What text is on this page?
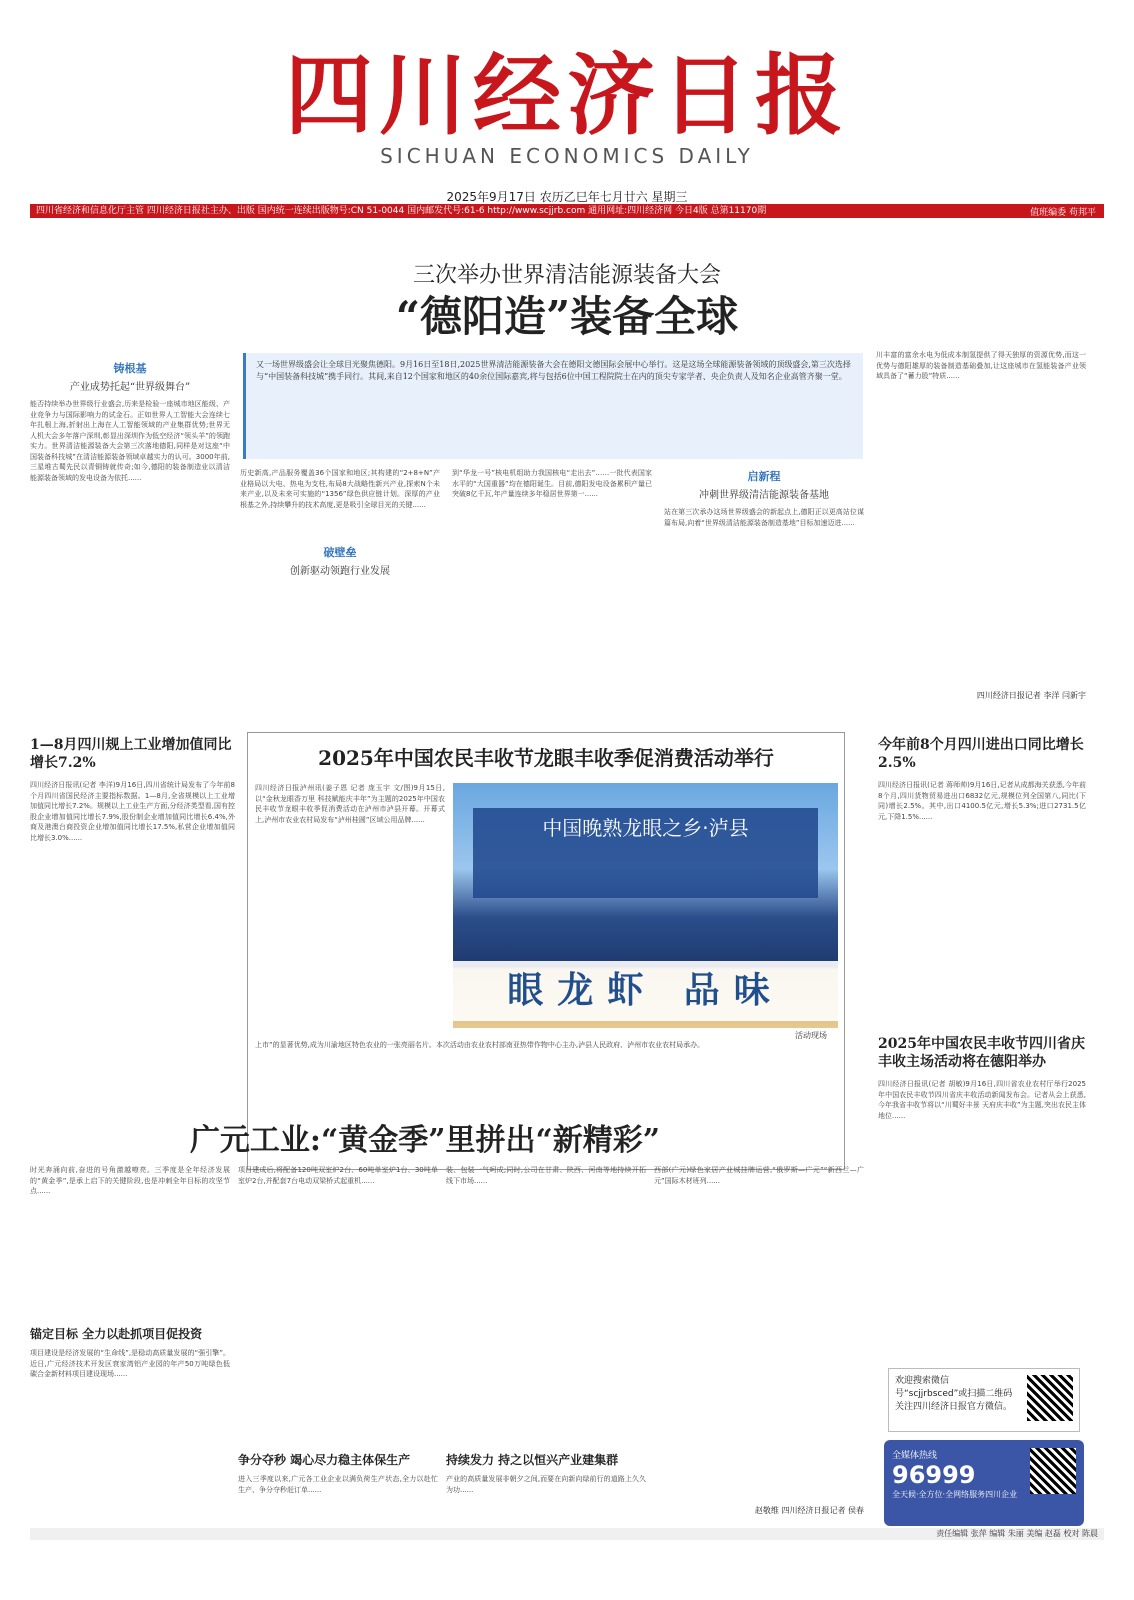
四川经济日报
SICHUAN ECONOMICS DAILY
2025年9月17日 农历乙巳年七月廿六 星期三
四川省经济和信息化厅主管 四川经济日报社主办、出版 国内统一连续出版物号:CN 51-0044 国内邮发代号:61-6 http://www.scjjrb.com 通用网址:四川经济网 今日4版 总第11170期	值班编委 苟邦平
三次举办世界清洁能源装备大会
“德阳造”装备全球
又一场世界级盛会让全球目光聚焦德阳。9月16日至18日,2025世界清洁能源装备大会在德阳文德国际会展中心举行。这是这场全球能源装备领域的顶级盛会,第三次选择与“中国装备科技城”携手同行。其间,来自12个国家和地区的40余位国际嘉宾,将与包括6位中国工程院院士在内的顶尖专家学者、央企负责人及知名企业高管齐聚一堂。
铸根基
产业成势托起“世界级舞台”
能否持续举办世界级行业盛会,历来是检验一座城市地区能级、产业竞争力与国际影响力的试金石。正如世界人工智能大会连续七年扎根上海,折射出上海在人工智能领域的产业集群优势;世界无人机大会多年落户深圳,彰显出深圳作为低空经济“领头羊”的领跑实力。世界清洁能源装备大会第三次落地德阳,同样是对这座“中国装备科技城”在清洁能源装备领域卓越实力的认可。3000年前,三星堆古蜀先民以青铜铸就传奇;如今,德阳的装备制造业以清洁能源装备领域的发电设备为依托......
历史新高,产品服务覆盖36个国家和地区;其构建的“2+8+N”产业格局以大电、热电为支柱,布局8大战略性新兴产业,探索N个未来产业,以及未来可实施的“1356”绿色供应链计划。深厚的产业根基之外,持续攀升的技术高度,更是吸引全球目光的关键......
破壁垒
创新驱动领跑行业发展
到“华龙一号”核电机组助力我国核电“走出去”……一批代表国家水平的“大国重器”均在德阳诞生。目前,德阳发电设备累积产量已突破8亿千瓦,年产量连续多年稳居世界第一......
启新程
冲刺世界级清洁能源装备基地
站在第三次承办这场世界级盛会的新起点上,德阳正以更高站位谋篇布局,向着“世界级清洁能源装备制造基地”目标加速迈进......
川丰富的富余水电为低成本制氢提供了得天独厚的资源优势,而这一优势与德阳雄厚的装备制造基础叠加,让这座城市在氢能装备产业领域具备了“蓄力股”特质......
四川经济日报记者 李洋 闫新宇
1—8月四川规上工业增加值同比增长7.2%
四川经济日报讯(记者 李洋)9月16日,四川省统计局发布了今年前8个月四川省国民经济主要指标数据。1—8月,全省规模以上工业增加值同比增长7.2%。规模以上工业生产方面,分经济类型看,国有控股企业增加值同比增长7.9%,股份制企业增加值同比增长6.4%,外商及港澳台商投资企业增加值同比增长17.5%,私营企业增加值同比增长3.0%......
2025年中国农民丰收节龙眼丰收季促消费活动举行
四川经济日报泸州讯(姜子恩 记者 庞玉宇 文/图)9月15日,以“金秋龙眼香万里 科技赋能庆丰年”为主题的2025年中国农民丰收节龙眼丰收季促消费活动在泸州市泸县开幕。开幕式上,泸州市农业农村局发布“泸州桂圆”区域公用品牌......	中国晚熟龙眼之乡·泸县
眼龙虾 品味
活动现场
上市”的显著优势,成为川渝地区特色农业的一张亮丽名片。本次活动由农业农村部南亚热带作物中心主办,泸县人民政府、泸州市农业农村局承办。
今年前8个月四川进出口同比增长2.5%
四川经济日报讯(记者 蒋师帅)9月16日,记者从成都海关获悉,今年前8个月,四川货物贸易进出口6832亿元,规模位列全国第八,同比(下同)增长2.5%。其中,出口4100.5亿元,增长5.3%;进口2731.5亿元,下降1.5%......
2025年中国农民丰收节四川省庆丰收主场活动将在德阳举办
四川经济日报讯(记者 胡敏)9月16日,四川省农业农村厅举行2025年中国农民丰收节四川省庆丰收活动新闻发布会。记者从会上获悉,今年我省丰收节将以“川蜀好丰景 天府庆丰收”为主题,突出农民主体地位......
广元工业:“黄金季”里拼出“新精彩”
时光奔涌向前,奋进的号角激越嘹亮。三季度是全年经济发展的“黄金季”,是承上启下的关键阶段,也是冲刺全年目标的攻坚节点......
锚定目标 全力以赴抓项目促投资
项目建设是经济发展的“生命线”,是稳动高质量发展的“强引擎”。近日,广元经济技术开发区衰家湾铝产业园的年产50万吨绿色低碳合金新材料项目建设现场......
项目建成后,将配备120吨双室炉2台、60吨单室炉1台、30吨单室炉2台,并配套7台电动双梁桥式起重机......
争分夺秒 竭心尽力稳主体保生产
进入三季度以来,广元各工业企业以满负荷生产状态,全力以赴忙生产、争分夺秒赶订单......
装、包装一气呵成;同时,公司在甘肃、陕西、河南等地持续开拓线下市场......
持续发力 持之以恒兴产业建集群
产业的高质量发展非朝夕之间,而要在向新向绿前行的道路上久久为功......
西部(广元)绿色家居产业城挂牌运营,“俄罗斯—广元”“新西兰—广元”国际木材班列......
赵敬维 四川经济日报记者 侯春
欢迎搜索微信号“scjjrbsced”或扫描二维码关注四川经济日报官方微信。
全媒体热线
96999
全天候·全方位·全网络服务四川企业
责任编辑 张萍 编辑 朱丽 美编 赵磊 校对 陈晨
